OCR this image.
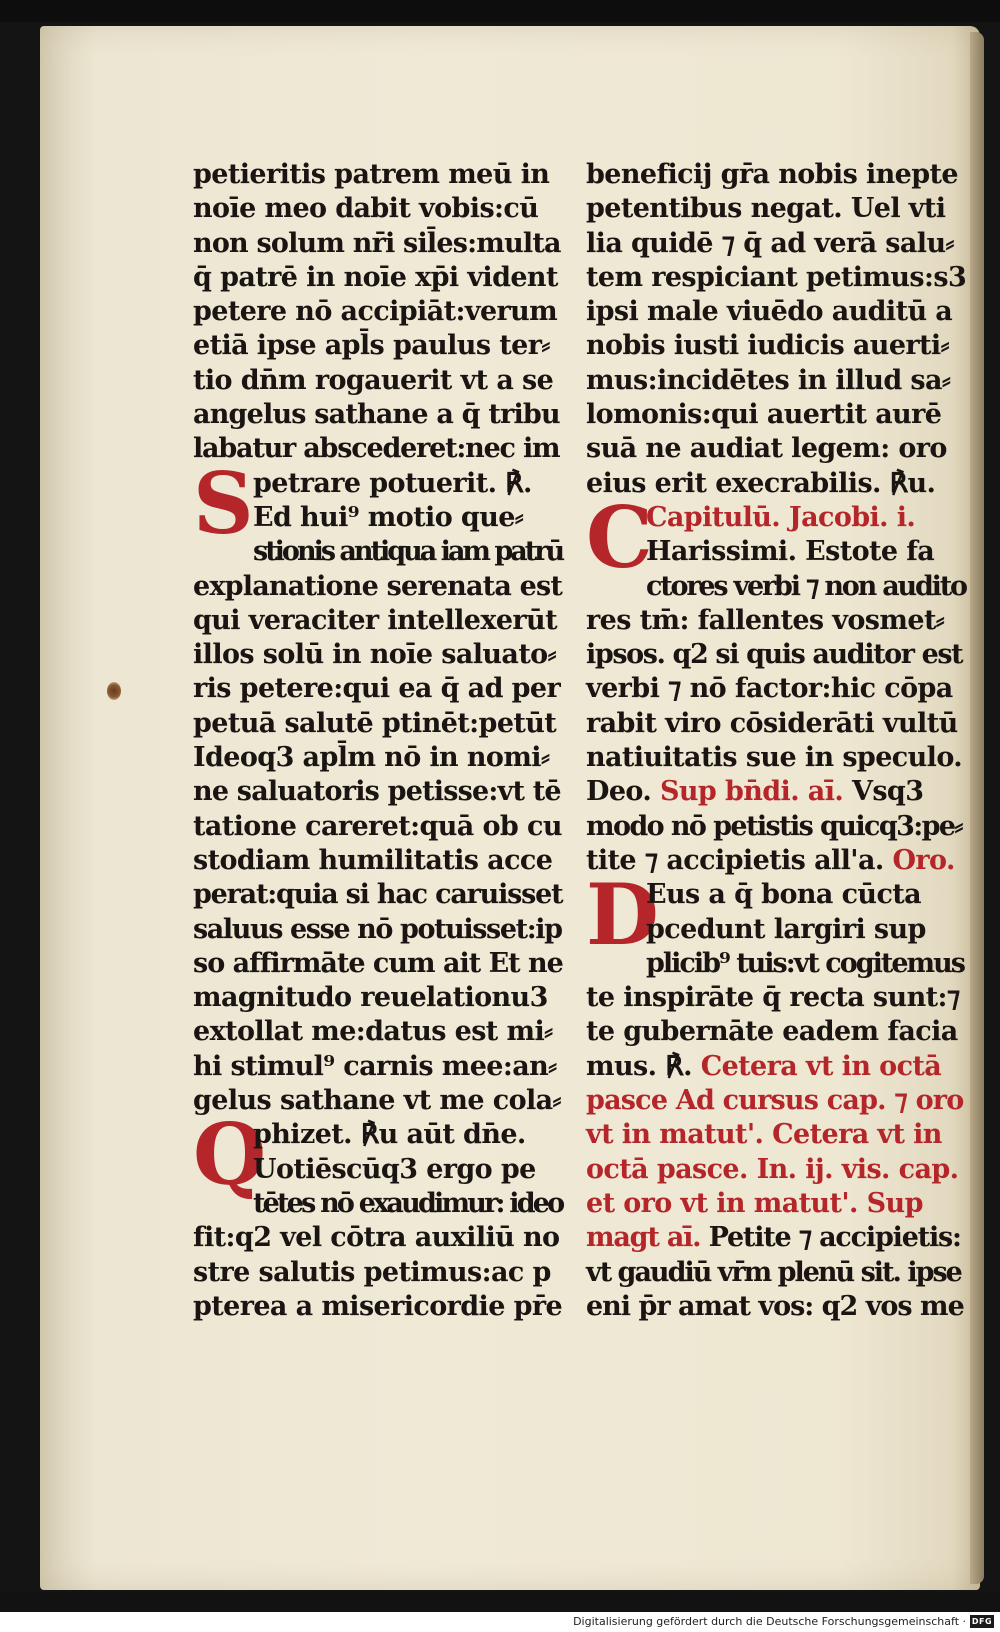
petieritis patrem meū in
noīe meo dabit vobis:cū
non solum nr̄i sil̄es:multa
q̄ patrē in noīe xp̄i vident
petere nō accipiāt:verum
etiā ipse apl̄s paulus ter⸗
tio dn̄m rogauerit vt a se
angelus sathane a q̄ tribu
labatur abscederet:nec im
S petrare potuerit. ℟.
Ed hui⁹ motio que⸗
stionis antiqua iam patrū
explanatione serenata est
qui veraciter intellexerūt
illos solū in noīe saluato⸗
ris petere:qui ea q̄ ad per
petuā salutē ptinēt:petūt
Ideoq3 apl̄m nō in nomi⸗
ne saluatoris petisse:vt tē
tatione careret:quā ob cu
stodiam humilitatis acce
perat:quia si hac caruisset
saluus esse nō potuisset:ip
so affirmāte cum ait Et ne
magnitudo reuelationu3
extollat me:datus est mi⸗
hi stimul⁹ carnis mee:an⸗
gelus sathane vt me cola⸗
Q
phizet. ℟u aūt dn̄e.
Uotiēscūq3 ergo pe
tētes nō exaudimur: ideo
fit:q2 vel cōtra auxiliū no
stre salutis petimus:ac p
pterea a misericordie pr̄e
beneficij gr̄a nobis inepte
petentibus negat. Uel vti
lia quidē ⁊ q̄ ad verā salu⸗
tem respiciant petimus:s3
ipsi male viuēdo auditū a
nobis iusti iudicis auerti⸗
mus:incidētes in illud sa⸗
lomonis:qui auertit aurē
suā ne audiat legem: oro
eius erit execrabilis. ℟u.
C
Capitulū. Jacobi. i.
Harissimi. Estote fa
ctores verbi ⁊ non audito
res tm̄: fallentes vosmet⸗
ipsos. q2 si quis auditor est
verbi ⁊ nō factor:hic cōpa
rabit viro cōsiderāti vultū
natiuitatis sue in speculo.
Deo. Sup bn̄di. aī̄. Vsq3
modo nō petistis quicq3:pe⸗
tite ⁊ accipietis all'a. Oro.
D
Eus a q̄ bona cūcta
pcedunt largiri sup
plicib⁹ tuis:vt cogitemus
te inspirāte q̄ recta sunt:⁊
te gubernāte eadem facia
mus. ℟. Cetera vt in octā
pasce Ad cursus cap. ⁊ oro
vt in matut'. Cetera vt in
octā pasce. In. ij. vis. cap.
et oro vt in matut'. Sup
magt aī̄. Petite ⁊ accipietis:
vt gaudiū vr̄m plenū sit. ipse
eni p̄r amat vos: q2 vos me
Digitalisierung gefördert durch die Deutsche Forschungsgemeinschaft · DFG
